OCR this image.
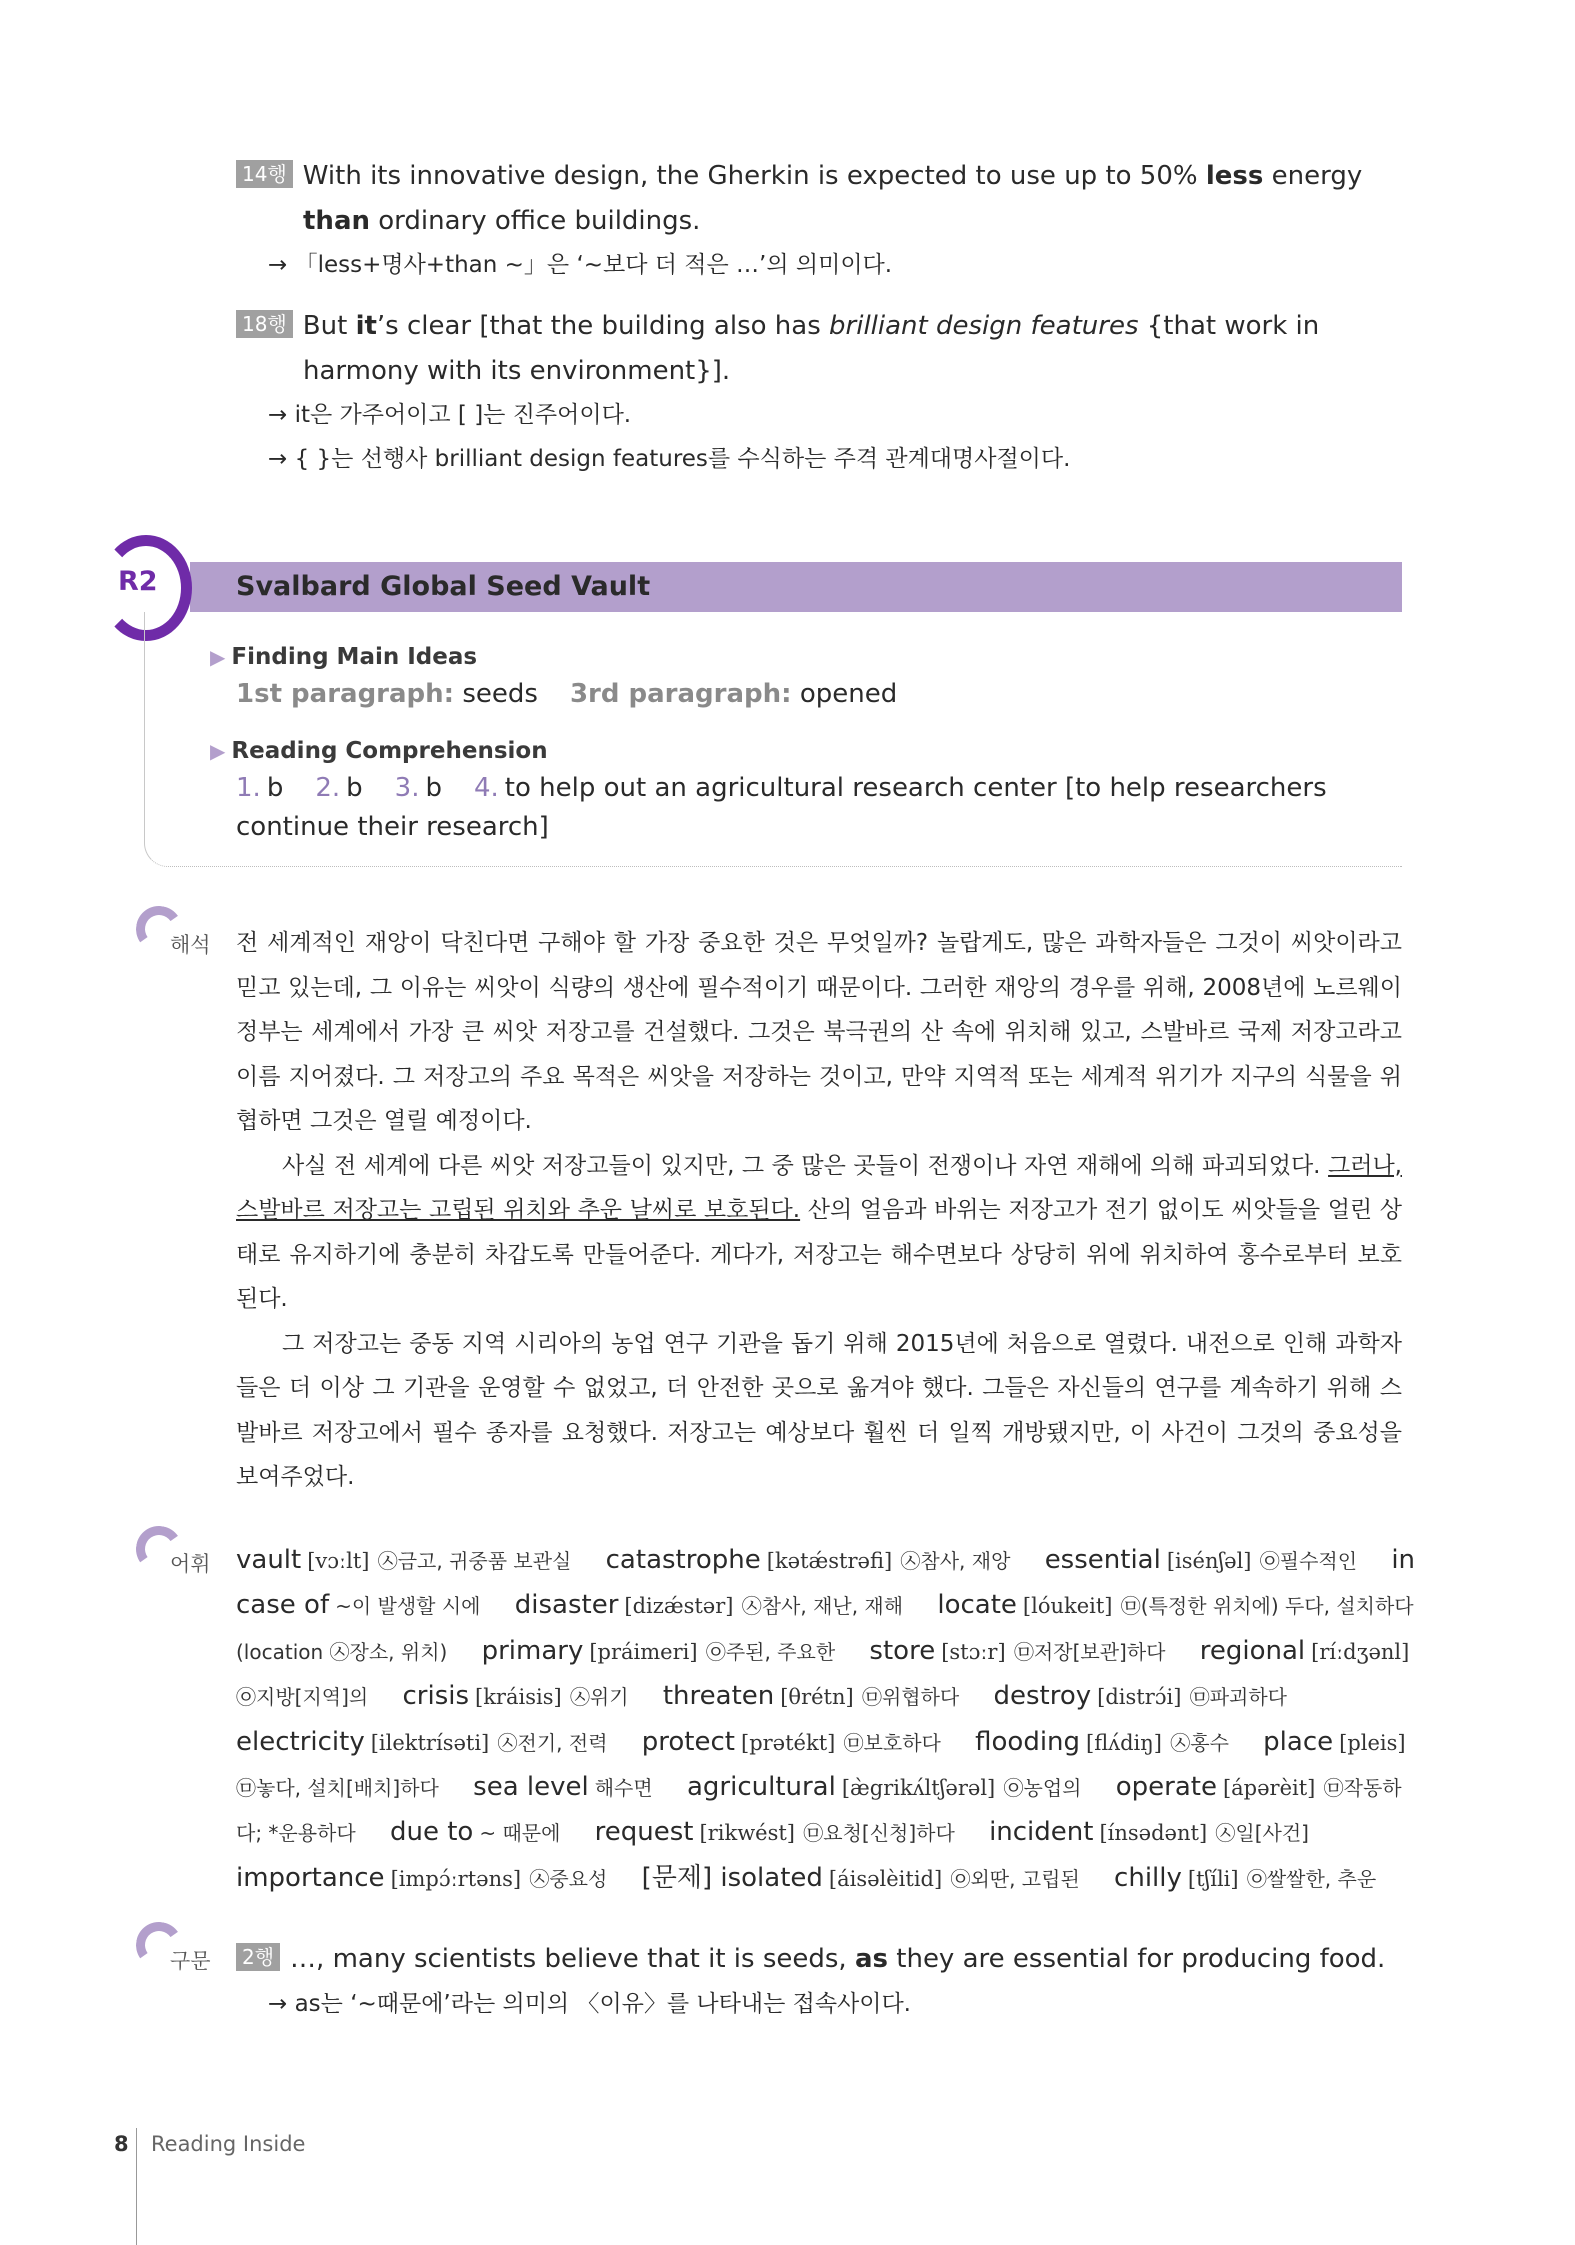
14행 With its innovative design, the Gherkin is expected to use up to 50% less energy
than ordinary office buildings.
→ 「less+명사+than ~」은 ‘~보다 더 적은 …’의 의미이다.
18행 But it’s clear [that the building also has brilliant design features {that work in
harmony with its environment}].
→ it은 가주어이고 [ ]는 진주어이다.
→ { }는 선행사 brilliant design features를 수식하는 주격 관계대명사절이다.
R2	Svalbard Global Seed Vault
▶ Finding Main Ideas
1st paragraph: seeds 3rd paragraph: opened
▶ Reading Comprehension
1. b 2. b 3. b 4. to help out an agricultural research center [to help researchers
continue their research]
해석 전 세계적인 재앙이 닥친다면 구해야 할 가장 중요한 것은 무엇일까? 놀랍게도, 많은 과학자들은 그것이 씨앗이라고 믿고 있는데, 그 이유는 씨앗이 식량의 생산에 필수적이기 때문이다. 그러한 재앙의 경우를 위해, 2008년에 노르웨이 정부는 세계에서 가장 큰 씨앗 저장고를 건설했다. 그것은 북극권의 산 속에 위치해 있고, 스발바르 국제 저장고라고 이름 지어졌다. 그 저장고의 주요 목적은 씨앗을 저장하는 것이고, 만약 지역적 또는 세계적 위기가 지구의 식물을 위협하면 그것은 열릴 예정이다.

사실 전 세계에 다른 씨앗 저장고들이 있지만, 그 중 많은 곳들이 전쟁이나 자연 재해에 의해 파괴되었다. 그러나, 스발바르 저장고는 고립된 위치와 추운 날씨로 보호된다. 산의 얼음과 바위는 저장고가 전기 없이도 씨앗들을 얼린 상태로 유지하기에 충분히 차갑도록 만들어준다. 게다가, 저장고는 해수면보다 상당히 위에 위치하여 홍수로부터 보호된다.

그 저장고는 중동 지역 시리아의 농업 연구 기관을 돕기 위해 2015년에 처음으로 열렸다. 내전으로 인해 과학자들은 더 이상 그 기관을 운영할 수 없었고, 더 안전한 곳으로 옮겨야 했다. 그들은 자신들의 연구를 계속하기 위해 스발바르 저장고에서 필수 종자를 요청했다. 저장고는 예상보다 훨씬 더 일찍 개방됐지만, 이 사건이 그것의 중요성을 보여주었다.

어휘 vault [vɔːlt] ㉦금고, 귀중품 보관실 catastrophe [kətǽstrəfi] ㉦참사, 재앙 essential [isénʃəl] ㉧필수적인 in case of ~이 발생할 시에 disaster [dizǽstər] ㉦참사, 재난, 재해 locate [lóukeit] ㉤(특정한 위치에) 두다, 설치하다 (location ㉦장소, 위치) primary [práimeri] ㉧주된, 주요한 store [stɔːr] ㉤저장[보관]하다 regional [ríːdʒənl] ㉧지방[지역]의 crisis [kráisis] ㉦위기 threaten [θrétn] ㉤위협하다 destroy [distrɔ́i] ㉤파괴하다 electricity [ilektrísəti] ㉦전기, 전력 protect [prətékt] ㉤보호하다 flooding [flʌ́diŋ] ㉦홍수 place [pleis] ㉤놓다, 설치[배치]하다 sea level 해수면 agricultural [æ̀grikʌ́ltʃərəl] ㉧농업의 operate [ápərèit] ㉤작동하다; *운용하다 due to ~ 때문에 request [rikwést] ㉤요청[신청]하다 incident [ínsədənt] ㉦일[사건] importance [impɔ́ːrtəns] ㉦중요성 [문제] isolated [áisəlèitid] ㉧외딴, 고립된 chilly [tʃíli] ㉧쌀쌀한, 추운
구문	2행 …, many scientists believe that it is seeds, as they are essential for producing food.
→ as는 ‘~때문에’라는 의미의 〈이유〉를 나타내는 접속사이다.
8 Reading Inside
